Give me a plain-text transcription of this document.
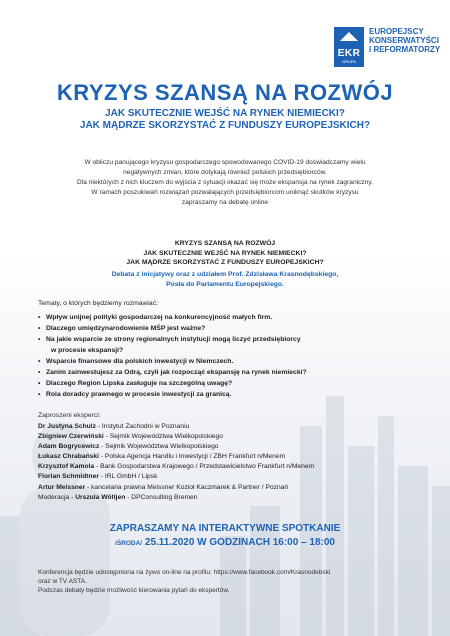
EKR
GRUPA
EUROPEJSCY
KONSERWATYŚCI
I REFORMATORZY
KRYZYS SZANSĄ NA ROZWÓJ
JAK SKUTECZNIE WEJŚĆ NA RYNEK NIEMIECKI?
JAK MĄDRZE SKORZYSTAĆ Z FUNDUSZY EUROPEJSKICH?
W obliczu panującego kryzysu gospodarczego spowodowanego COVID-19 doświadczamy wielu
negatywnych zmian, które dotykają również polskich przedsiębiorców.
Dla niektórych z nich kluczem do wyjścia z sytuacji okazać się może ekspansja na rynek zagraniczny.
W ramach poszukiwań rozwiązań pozwalających przedsiębiorcom uniknąć skutków kryzysu
zapraszamy na debatę online
KRYZYS SZANSĄ NA ROZWÓJ
JAK SKUTECZNIE WEJŚĆ NA RYNEK NIEMIECKI?
JAK MĄDRZE SKORZYSTAĆ Z FUNDUSZY EUROPEJSKICH?
Debata z inicjatywy oraz z udziałem Prof. Zdzisława Krasnodębskiego,
Posła do Parlamentu Europejskiego.
Tematy, o których będziemy rozmawiać:
• Wpływ unijnej polityki gospodarczej na konkurencyjność małych firm.
• Dlaczego umiędzynarodowienie MŚP jest ważne?
• Na jakie wsparcie ze strony regionalnych instytucji mogą liczyć przedsiębiorcy
w procesie ekspansji?
• Wsparcie finansowe dla polskich inwestycji w Niemczech.
• Zanim zainwestujesz za Odrą, czyli jak rozpocząć ekspansję na rynek niemiecki?
• Dlaczego Region Lipska zasługuje na szczególną uwagę?
• Rola doradcy prawnego w procesie inwestycji za granicą.
Zaproszeni eksperci:
Dr Justyna Schulz - Instytut Zachodni w Poznaniu
Zbigniew Czerwiński - Sejmik Województwa Wielkopolskiego
Adam Bogrycewicz - Sejmik Województwa Wielkopolskiego
Łukasz Chrabański - Polska Agencja Handlu i Inwestycji / ZBH Frankfurt n/Menem
Krzysztof Kamola - Bank Gospodarstwa Krajowego / Przedstawicielstwo Frankfurt n/Menem
Florian Schmidtner - IRL GmbH / Lipsk
Artur Meissner - kancelaria prawna Meissner Kozioł Kaczmarek & Partner / Poznań
Moderacja - Urszula Wöltjen - DPConsulting Bremen
ZAPRASZAMY NA INTERAKTYWNE SPOTKANIE
/ŚRODA/ 25.11.2020 W GODZINACH 16:00 – 18:00
Konferencja będzie udostępniona na żywo on-line na profilu: https://www.facebook.com/Krasnodebski
oraz w TV ASTA.
Podczas debaty będzie możliwość kierowania pytań do ekspertów.
